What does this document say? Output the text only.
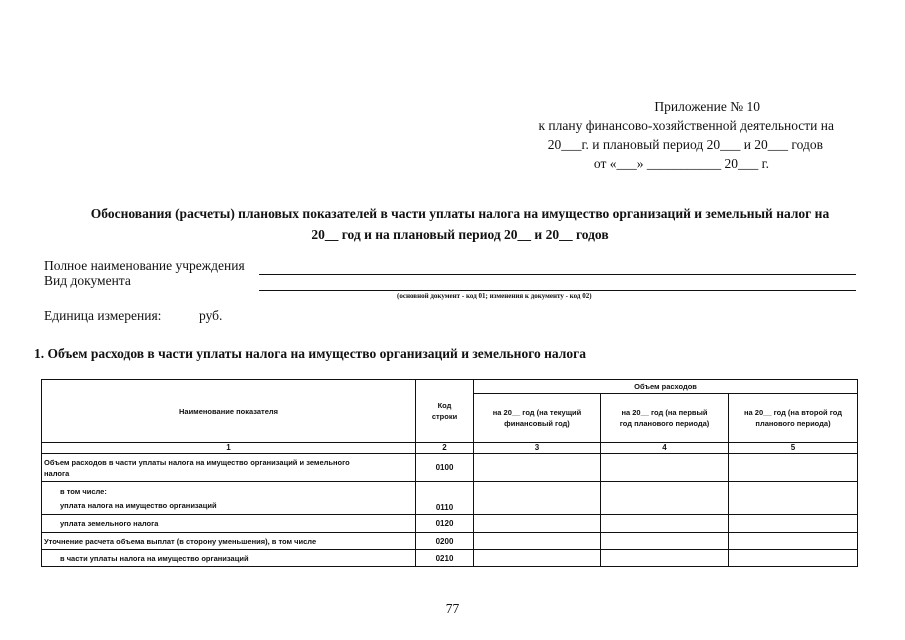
Приложение № 10
к плану финансово-хозяйственной деятельности на
20___г. и плановый период 20___ и 20___ годов
от «___» ___________ 20___ г.
Обоснования (расчеты) плановых показателей в части уплаты налога на имущество организаций и земельный налог на
20__ год и на плановый период 20__ и 20__ годов
Полное наименование учреждения
Вид документа
(основной документ - код 01; изменения к документу - код 02)
Единица измерения:	руб.
1. Объем расходов в части уплаты налога на имущество организаций и земельного налога
Наименование показателя	Код строки	Объем расходов		
		на 20__ год (на текущий финансовый год)	на 20__ год (на первый год планового периода)	на 20__ год (на второй год планового периода)
1	2	3	4	5
Объем расходов в части уплаты налога на имущество организаций и земельного налога	0100			

в том числе:
уплата налога на имущество организаций	0110			
уплата земельного налога	0120			
Уточнение расчета объема выплат (в сторону уменьшения), в том числе	0200			
в части уплаты налога на имущество организаций	0210			
77
